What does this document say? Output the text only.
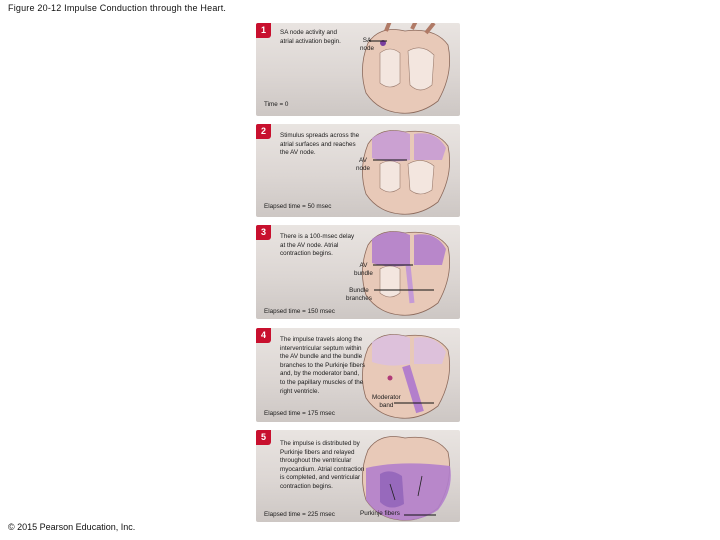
Figure 20-12 Impulse Conduction through the Heart.
1	SA node activity and
atrial activation begin.	SA
node
Time = 0
2	Stimulus spreads across the
atrial surfaces and reaches
the AV node.
AV
node
Elapsed time = 50 msec
3	There is a 100-msec delay
at the AV node. Atrial
contraction begins.
AV
bundle
Bundle
branches
Elapsed time = 150 msec
4	The impulse travels along the
interventricular septum within
the AV bundle and the bundle
branches to the Purkinje fibers
and, by the moderator band,
to the papillary muscles of the
right ventricle.
Moderator
band
Elapsed time = 175 msec
5
The impulse is distributed by
Purkinje fibers and relayed
throughout the ventricular
myocardium. Atrial contraction
is completed, and ventricular
contraction begins.
Purkinje fibers
Elapsed time = 225 msec
© 2015 Pearson Education, Inc.
